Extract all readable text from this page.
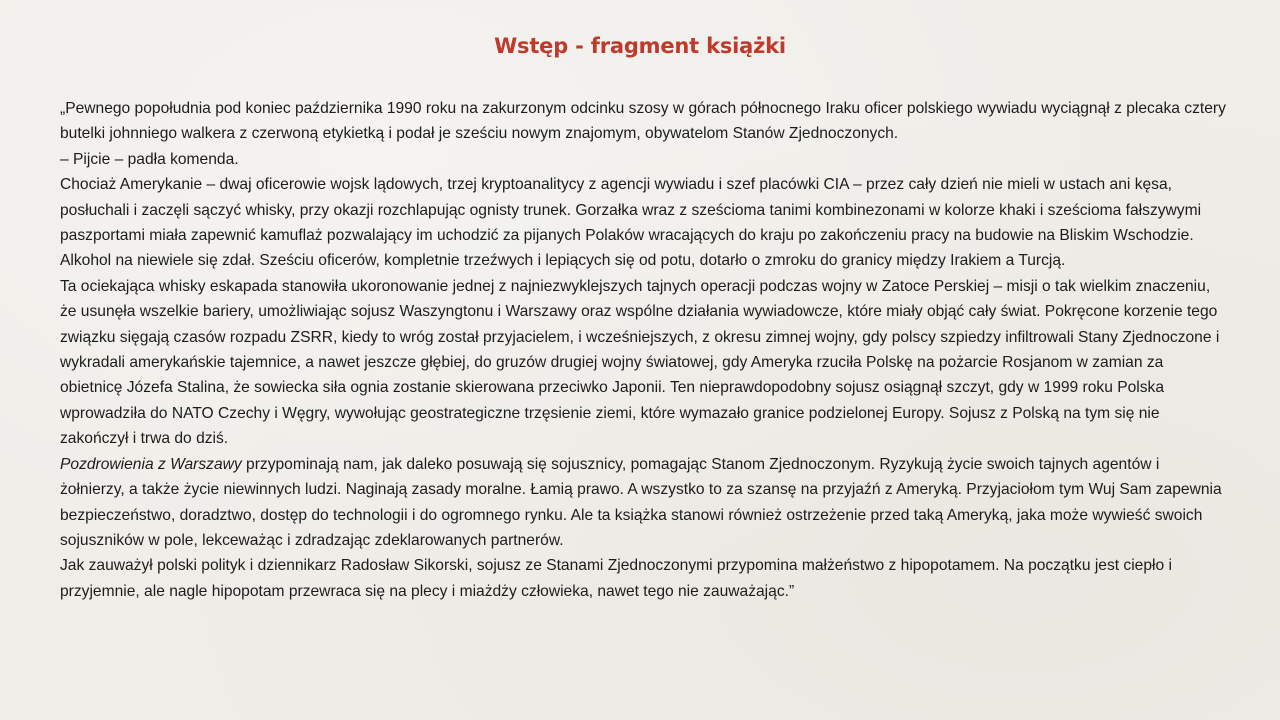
Wstęp - fragment książki

„Pewnego popołudnia pod koniec października 1990 roku na zakurzonym odcinku szosy w górach północnego Iraku oficer polskiego wywiadu wyciągnął z plecaka cztery butelki johnniego walkera z czerwoną etykietką i podał je sześciu nowym znajomym, obywatelom Stanów Zjednoczonych.

– Pijcie – padła komenda.

Chociaż Amerykanie – dwaj oficerowie wojsk lądowych, trzej kryptoanalitycy z agencji wywiadu i szef placówki CIA – przez cały dzień nie mieli w ustach ani kęsa, posłuchali i zaczęli sączyć whisky, przy okazji rozchlapując ognisty trunek. Gorzałka wraz z sześcioma tanimi kombinezonami w kolorze khaki i sześcioma fałszywymi paszportami miała zapewnić kamuflaż pozwalający im uchodzić za pijanych Polaków wracających do kraju po zakończeniu pracy na budowie na Bliskim Wschodzie. Alkohol na niewiele się zdał. Sześciu oficerów, kompletnie trzeźwych i lepiących się od potu, dotarło o zmroku do granicy między Irakiem a Turcją.

Ta ociekająca whisky eskapada stanowiła ukoronowanie jednej z najniezwyklejszych tajnych operacji podczas wojny w Zatoce Perskiej – misji o tak wielkim znaczeniu, że usunęła wszelkie bariery, umożliwiając sojusz Waszyngtonu i Warszawy oraz wspólne działania wywiadowcze, które miały objąć cały świat. Pokręcone korzenie tego związku sięgają czasów rozpadu ZSRR, kiedy to wróg został przyjacielem, i wcześniejszych, z okresu zimnej wojny, gdy polscy szpiedzy infiltrowali Stany Zjednoczone i wykradali amerykańskie tajemnice, a nawet jeszcze głębiej, do gruzów drugiej wojny światowej, gdy Ameryka rzuciła Polskę na pożarcie Rosjanom w zamian za obietnicę Józefa Stalina, że sowiecka siła ognia zostanie skierowana przeciwko Japonii. Ten nieprawdopodobny sojusz osiągnął szczyt, gdy w 1999 roku Polska wprowadziła do NATO Czechy i Węgry, wywołując geostrategiczne trzęsienie ziemi, które wymazało granice podzielonej Europy. Sojusz z Polską na tym się nie zakończył i trwa do dziś.

Pozdrowienia z Warszawy przypominają nam, jak daleko posuwają się sojusznicy, pomagając Stanom Zjednoczonym. Ryzykują życie swoich tajnych agentów i żołnierzy, a także życie niewinnych ludzi. Naginają zasady moralne. Łamią prawo. A wszystko to za szansę na przyjaźń z Ameryką. Przyjaciołom tym Wuj Sam zapewnia bezpieczeństwo, doradztwo, dostęp do technologii i do ogromnego rynku. Ale ta książka stanowi również ostrzeżenie przed taką Ameryką, jaka może wywieść swoich sojuszników w pole, lekceważąc i zdradzając zdeklarowanych partnerów.

Jak zauważył polski polityk i dziennikarz Radosław Sikorski, sojusz ze Stanami Zjednoczonymi przypomina małżeństwo z hipopotamem. Na początku jest ciepło i przyjemnie, ale nagle hipopotam przewraca się na plecy i miażdży człowieka, nawet tego nie zauważając.”
